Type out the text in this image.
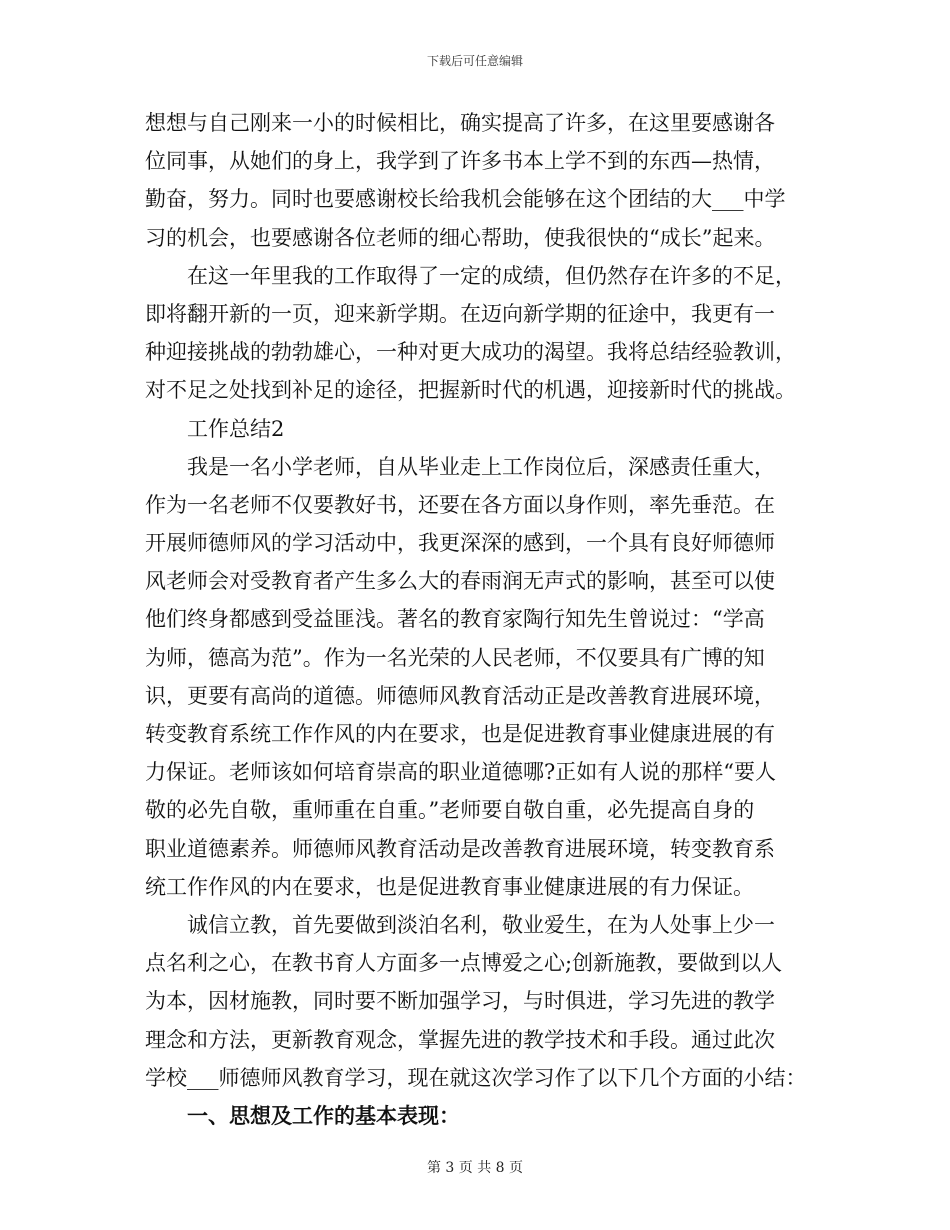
下载后可任意编辑
想想与自己刚来一小的时候相比，确实提高了许多，在这里要感谢各
位同事，从她们的身上，我学到了许多书本上学不到的东西—热情，
勤奋，努力。同时也要感谢校长给我机会能够在这个团结的大___中学
习的机会，也要感谢各位老师的细心帮助，使我很快的“成长”起来。
在这一年里我的工作取得了一定的成绩，但仍然存在许多的不足，
即将翻开新的一页，迎来新学期。在迈向新学期的征途中，我更有一
种迎接挑战的勃勃雄心，一种对更大成功的渴望。我将总结经验教训，
对不足之处找到补足的途径，把握新时代的机遇，迎接新时代的挑战。
工作总结2
我是一名小学老师，自从毕业走上工作岗位后，深感责任重大，
作为一名老师不仅要教好书，还要在各方面以身作则，率先垂范。在
开展师德师风的学习活动中，我更深深的感到，一个具有良好师德师
风老师会对受教育者产生多么大的春雨润无声式的影响，甚至可以使
他们终身都感到受益匪浅。著名的教育家陶行知先生曾说过：“学高
为师，德高为范”。作为一名光荣的人民老师，不仅要具有广博的知
识，更要有高尚的道德。师德师风教育活动正是改善教育进展环境，
转变教育系统工作作风的内在要求，也是促进教育事业健康进展的有
力保证。老师该如何培育崇高的职业道德哪?正如有人说的那样“要人
敬的必先自敬，重师重在自重。”老师要自敬自重，必先提高自身的
职业道德素养。师德师风教育活动是改善教育进展环境，转变教育系
统工作作风的内在要求，也是促进教育事业健康进展的有力保证。
诚信立教，首先要做到淡泊名利，敬业爱生，在为人处事上少一
点名利之心，在教书育人方面多一点博爱之心;创新施教，要做到以人
为本，因材施教，同时要不断加强学习，与时俱进，学习先进的教学
理念和方法，更新教育观念，掌握先进的教学技术和手段。通过此次
学校___师德师风教育学习，现在就这次学习作了以下几个方面的小结：
一、思想及工作的基本表现：
第 3 页 共 8 页
